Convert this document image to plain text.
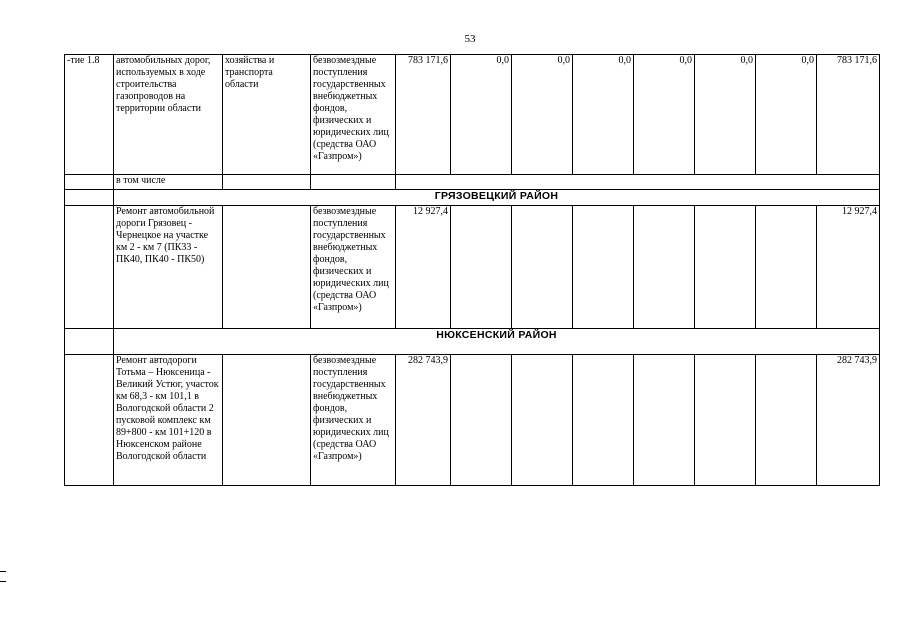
53
-тие 1.8	автомобильных дорог, используемых в ходе строительства газопроводов на территории области	хозяйства и транспорта области	безвозмездные поступления государственных внебюджетных фондов, физических и юридических лиц (средства ОАО «Газпром»)	783 171,6	0,0	0,0	0,0	0,0	0,0	0,0	783 171,6
	в том числе										
	ГРЯЗОВЕЦКИЙ РАЙОН										
	Ремонт автомобильной дороги Грязовец - Чернецкое на участке км 2 - км 7 (ПК33 - ПК40, ПК40 - ПК50)		безвозмездные поступления государственных внебюджетных фондов, физических и юридических лиц (средства ОАО «Газпром»)	12 927,4							12 927,4
	НЮКСЕНСКИЙ РАЙОН										
	Ремонт автодороги Тотьма – Нюксеница - Великий Устюг, участок км 68,3 - км 101,1 в Вологодской области 2 пусковой комплекс км 89+800 - км 101+120 в Нюксенском районе Вологодской области		безвозмездные поступления государственных внебюджетных фондов, физических и юридических лиц (средства ОАО «Газпром»)	282 743,9							282 743,9
